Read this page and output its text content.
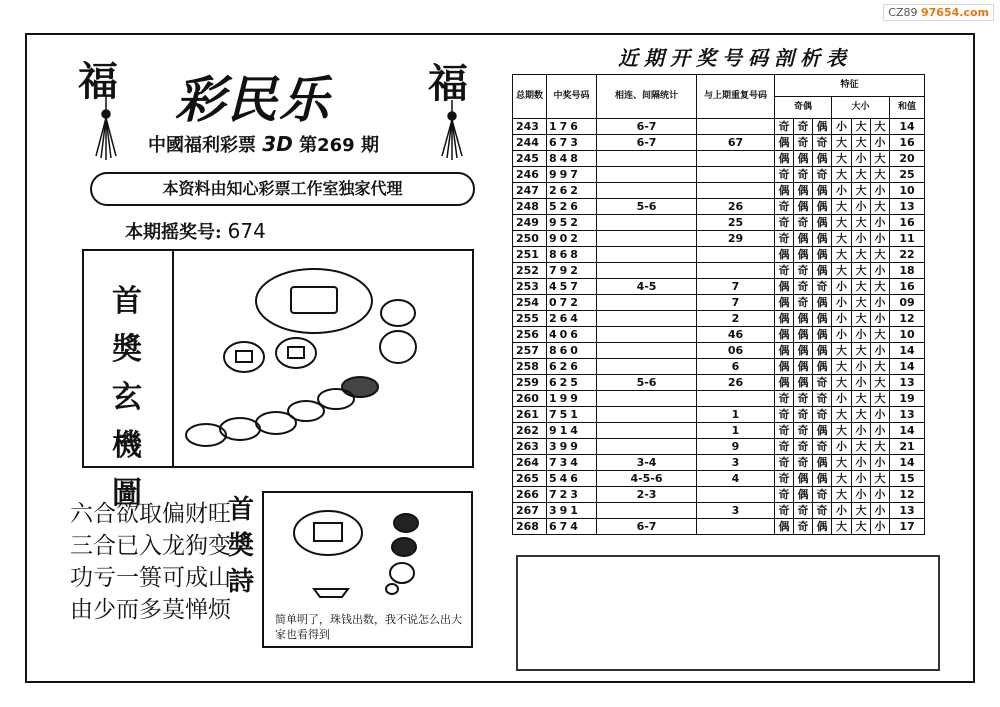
CZ89 97654.com
福	福
彩民乐
中國福利彩票 3D 第269 期
本资料由知心彩票工作室独家代理
本期摇奖号: 674
首
奬
玄
機
圖
六合欲取偏财旺
三合已入龙狗变
功亏一篑可成山
由少而多莫惮烦
首
奬
詩
简单明了，珠钱出数，我不说怎么出大家也看得到
近期开奖号码剖析表
总期数	中奖号码	相连、间隔统计	与上期重复号码	特征						
				奇偶			大小			和值
243	176	6-7		奇	奇	偶	小	大	大	14
244	673	6-7	67	偶	奇	奇	大	大	小	16
245	848			偶	偶	偶	大	小	大	20
246	997			奇	奇	奇	大	大	大	25
247	262			偶	偶	偶	小	大	小	10
248	526	5-6	26	奇	偶	偶	大	小	大	13
249	952		25	奇	奇	偶	大	大	小	16
250	902		29	奇	偶	偶	大	小	小	11
251	868			偶	偶	偶	大	大	大	22
252	792			奇	奇	偶	大	大	小	18
253	457	4-5	7	偶	奇	奇	小	大	大	16
254	072		7	偶	奇	偶	小	大	小	09
255	264		2	偶	偶	偶	小	大	小	12
256	406		46	偶	偶	偶	小	小	大	10
257	860		06	偶	偶	偶	大	大	小	14
258	626		6	偶	偶	偶	大	小	大	14
259	625	5-6	26	偶	偶	奇	大	小	大	13
260	199			奇	奇	奇	小	大	大	19
261	751		1	奇	奇	奇	大	大	小	13
262	914		1	奇	奇	偶	大	小	小	14
263	399		9	奇	奇	奇	小	大	大	21
264	734	3-4	3	奇	奇	偶	大	小	小	14
265	546	4-5-6	4	奇	偶	偶	大	小	大	15
266	723	2-3		奇	偶	奇	大	小	小	12
267	391		3	奇	奇	奇	小	大	小	13
268	674	6-7		偶	奇	偶	大	大	小	17
